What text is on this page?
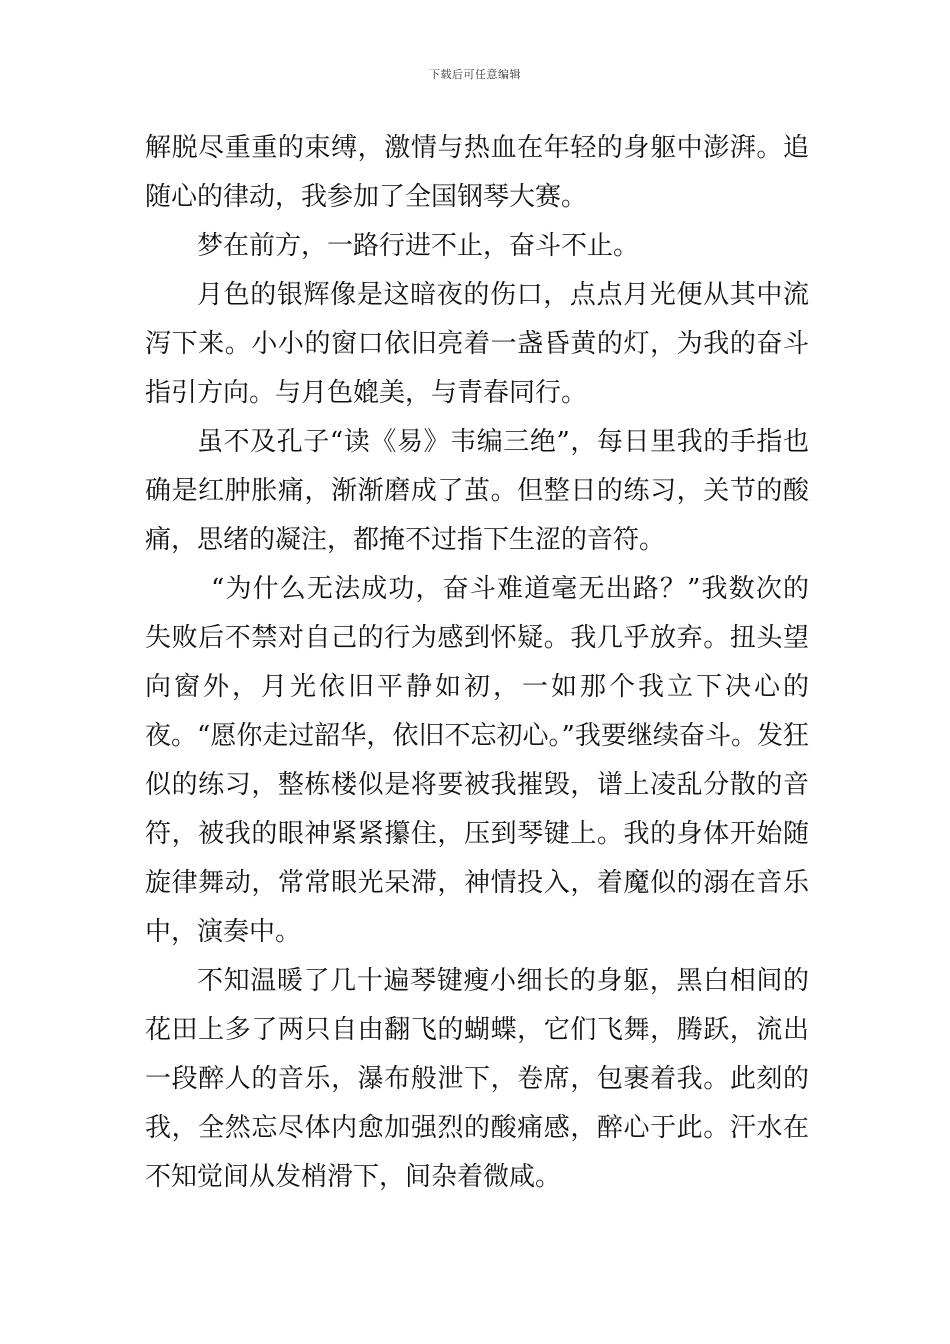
下载后可任意编辑

解脱尽重重的束缚，激情与热血在年轻的身躯中澎湃。追随心的律动，我参加了全国钢琴大赛。

梦在前方，一路行进不止，奋斗不止。

月色的银辉像是这暗夜的伤口，点点月光便从其中流泻下来。小小的窗口依旧亮着一盏昏黄的灯，为我的奋斗指引方向。与月色媲美，与青春同行。

虽不及孔子“读《易》韦编三绝”，每日里我的手指也确是红肿胀痛，渐渐磨成了茧。但整日的练习，关节的酸痛，思绪的凝注，都掩不过指下生涩的音符。

“为什么无法成功，奋斗难道毫无出路？”我数次的失败后不禁对自己的行为感到怀疑。我几乎放弃。扭头望向窗外，月光依旧平静如初，一如那个我立下决心的夜。“愿你走过韶华，依旧不忘初心。”我要继续奋斗。发狂似的练习，整栋楼似是将要被我摧毁，谱上凌乱分散的音符，被我的眼神紧紧攥住，压到琴键上。我的身体开始随旋律舞动，常常眼光呆滞，神情投入，着魔似的溺在音乐中，演奏中。

不知温暖了几十遍琴键瘦小细长的身躯，黑白相间的花田上多了两只自由翻飞的蝴蝶，它们飞舞，腾跃，流出一段醉人的音乐，瀑布般泄下，卷席，包裹着我。此刻的我，全然忘尽体内愈加强烈的酸痛感，醉心于此。汗水在不知觉间从发梢滑下，间杂着微咸。
